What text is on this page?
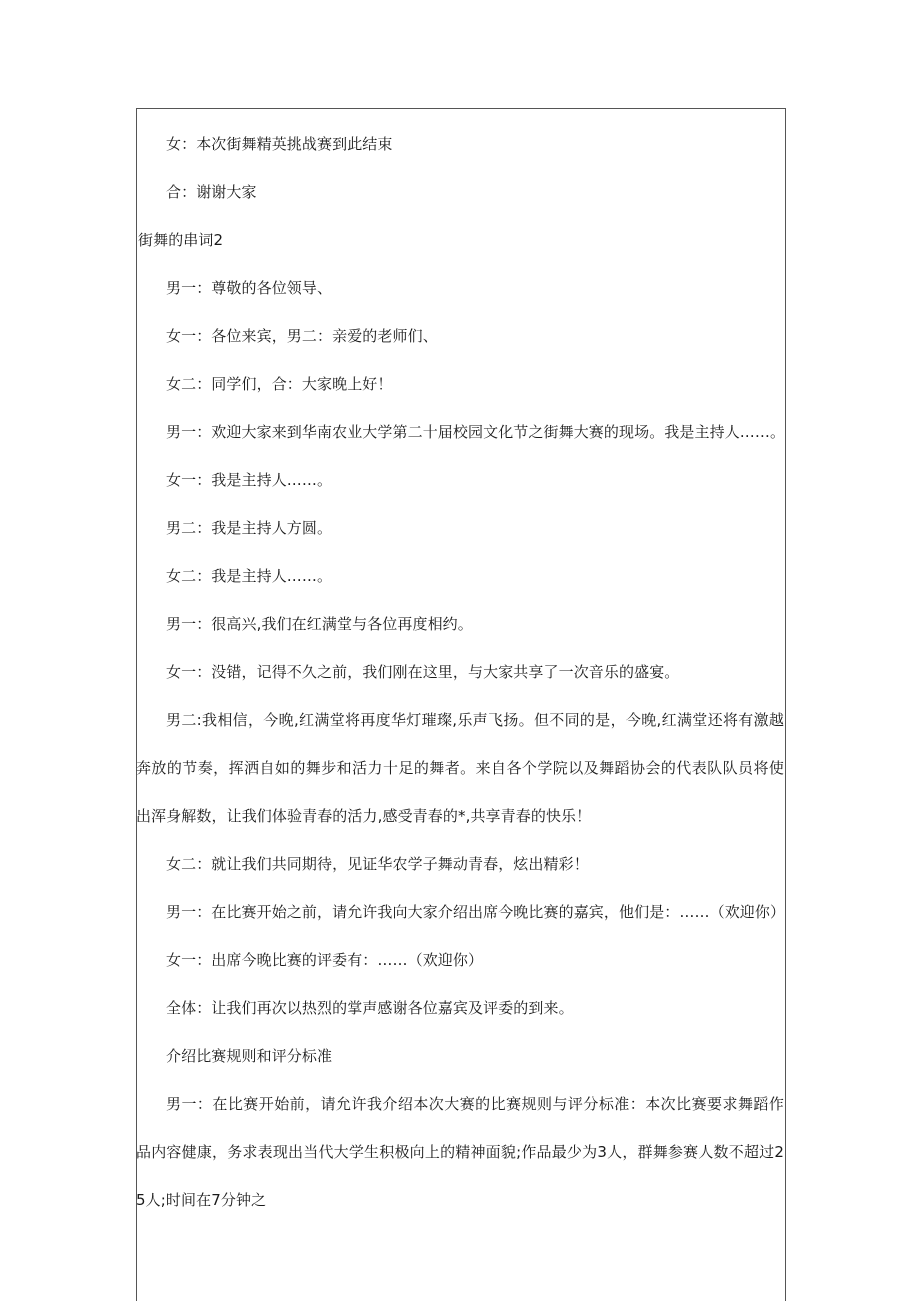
女：本次街舞精英挑战赛到此结束

合：谢谢大家

街舞的串词2

男一：尊敬的各位领导、

女一：各位来宾，男二：亲爱的老师们、

女二：同学们，合：大家晚上好！

男一：欢迎大家来到华南农业大学第二十届校园文化节之街舞大赛的现场。我是主持人……。

女一：我是主持人……。

男二：我是主持人方圆。

女二：我是主持人……。

男一：很高兴,我们在红满堂与各位再度相约。

女一：没错，记得不久之前，我们刚在这里，与大家共享了一次音乐的盛宴。

男二:我相信，今晚,红满堂将再度华灯璀璨,乐声飞扬。但不同的是，今晚,红满堂还将有激越奔放的节奏，挥洒自如的舞步和活力十足的舞者。来自各个学院以及舞蹈协会的代表队队员将使出浑身解数，让我们体验青春的活力,感受青春的*,共享青春的快乐！

女二：就让我们共同期待，见证华农学子舞动青春，炫出精彩！

男一：在比赛开始之前，请允许我向大家介绍出席今晚比赛的嘉宾，他们是：……（欢迎你）

女一：出席今晚比赛的评委有：……（欢迎你）

全体：让我们再次以热烈的掌声感谢各位嘉宾及评委的到来。

介绍比赛规则和评分标准

男一：在比赛开始前，请允许我介绍本次大赛的比赛规则与评分标准：本次比赛要求舞蹈作品内容健康，务求表现出当代大学生积极向上的精神面貌;作品最少为3人，群舞参赛人数不超过25人;时间在7分钟之
